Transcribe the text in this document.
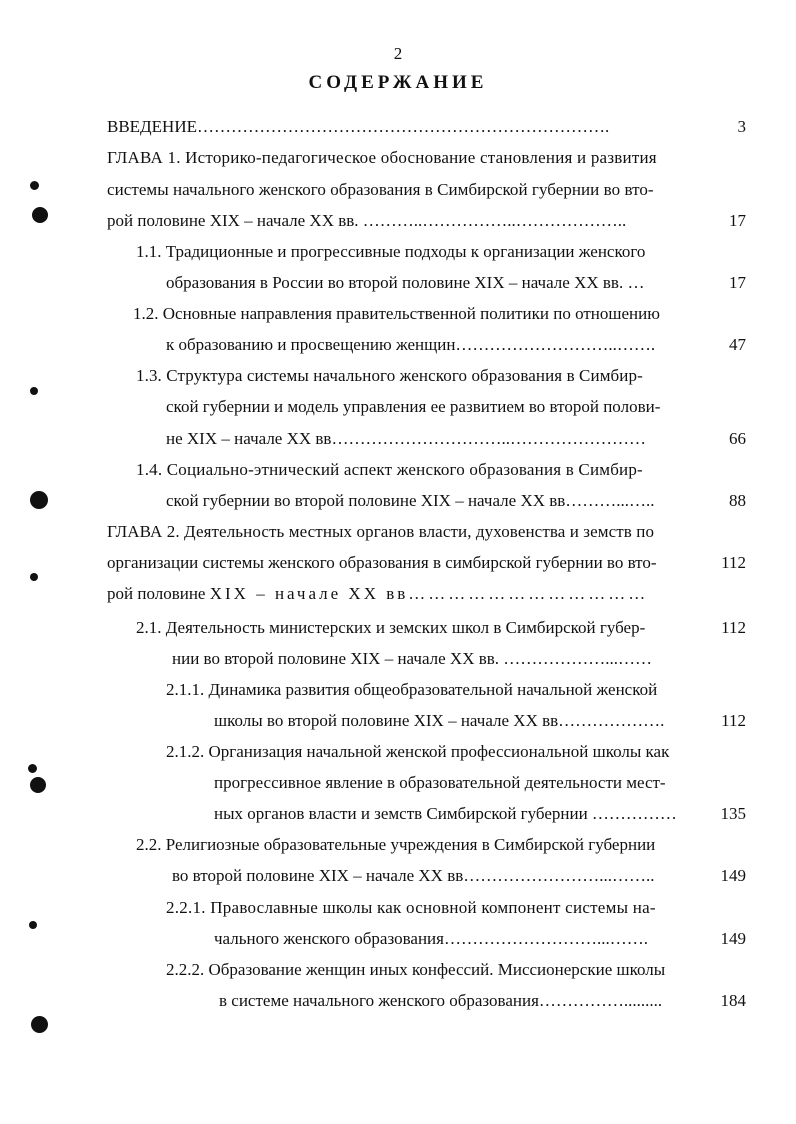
2
СОДЕРЖАНИЕ
ВВЕДЕНИЕ……………………………………………………………….	3
ГЛАВА 1. Историко-педагогическое обоснование становления и развития
системы начального женского образования в Симбирской губернии во вто-
рой половине XIX – начале XX вв. ………..……………..………………..	17
1.1. Традиционные и прогрессивные подходы к организации женского
образования в России во второй половине XIX – начале XX вв. …	17
1.2. Основные направления правительственной политики по отношению
к образованию и просвещению женщин………………………..…….	47
1.3. Структура системы начального женского образования в Симбир-
ской губернии и модель управления ее развитием во второй полови-
не XIX – начале XX вв…………………………..……………………	66
1.4. Социально-этнический аспект женского образования в Симбир-
ской губернии во второй половине XIX – начале XX вв………...…..	88
ГЛАВА 2. Деятельность местных органов власти, духовенства и земств по
организации системы женского образования в симбирской губернии во вто-	112
рой половине XIX – начале XX вв………………………………
2.1. Деятельность министерских и земских школ в Симбирской губер-	112
нии во второй половине XIX – начале XX вв. ………………...……
2.1.1. Динамика развития общеобразовательной начальной женской
школы во второй половине XIX – начале XX вв……………….	112
2.1.2. Организация начальной женской профессиональной школы как
прогрессивное явление в образовательной деятельности мест-
ных органов власти и земств Симбирской губернии ……………	135
2.2. Религиозные образовательные учреждения в Симбирской губернии
во второй половине XIX – начале XX вв……………………...……..	149
2.2.1. Православные школы как основной компонент системы на-
чального женского образования………………………...…….	149
2.2.2. Образование женщин иных конфессий. Миссионерские школы
в системе начального женского образования…………….........	184
